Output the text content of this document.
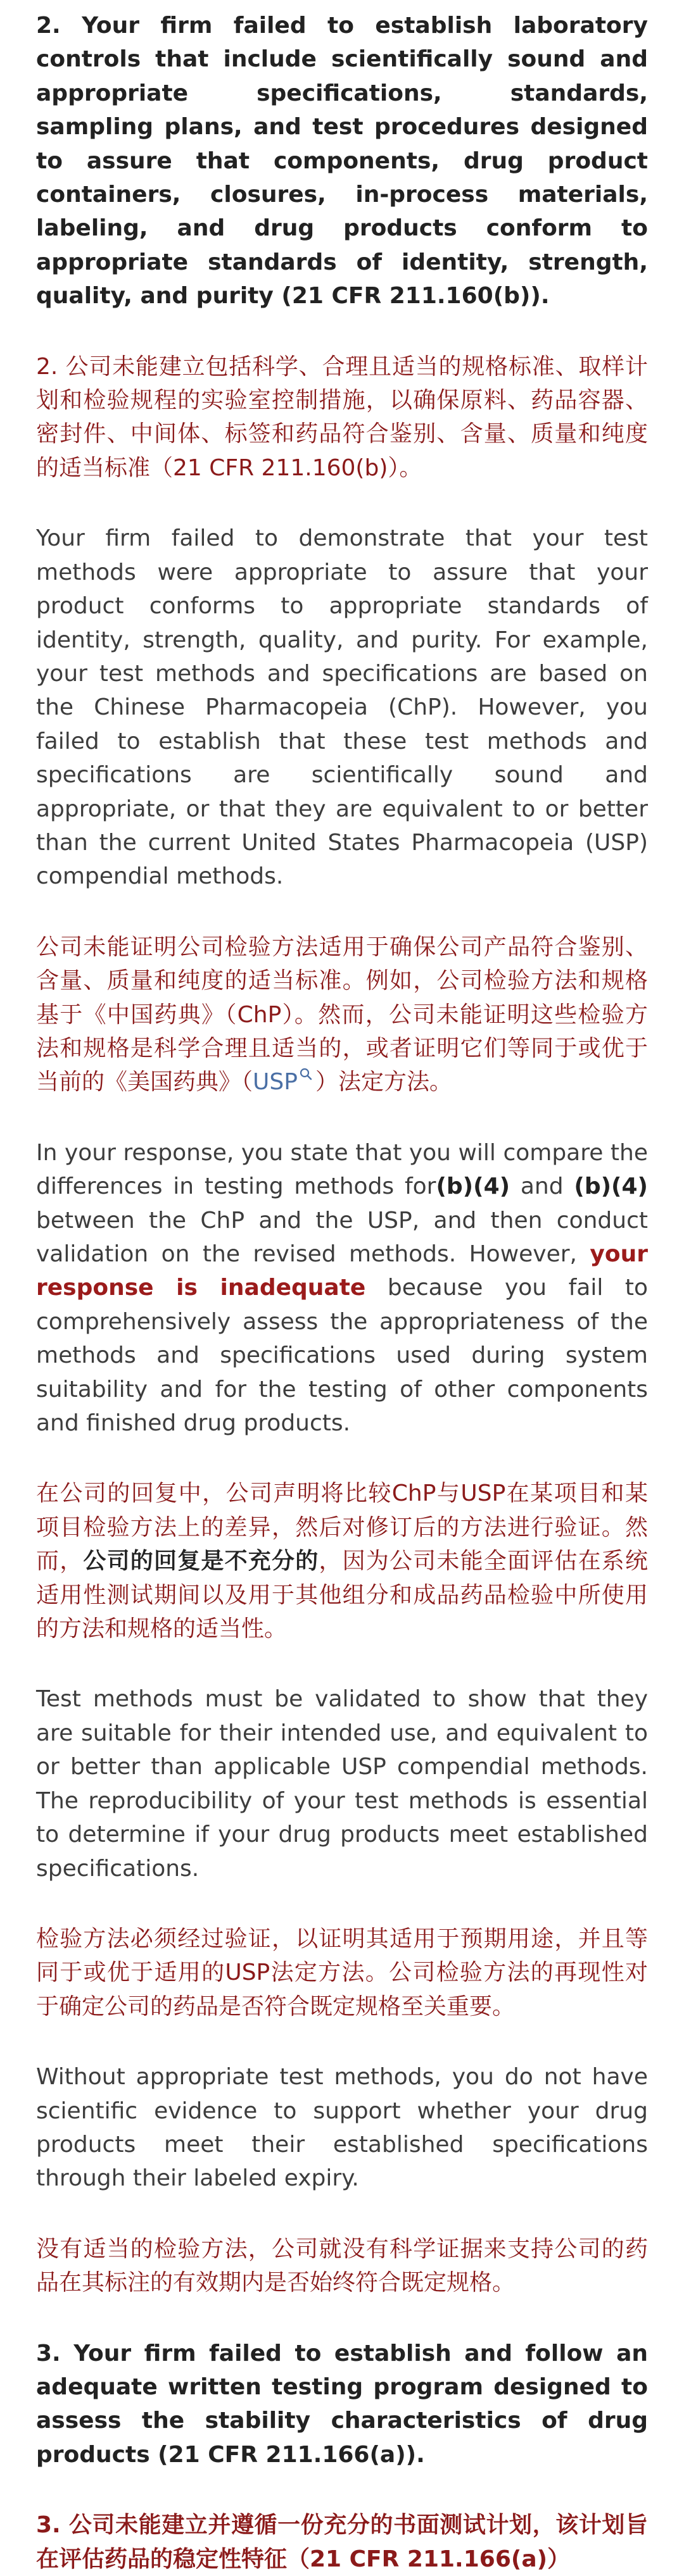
2. Your firm failed to establish laboratory controls that include scientifically sound and appropriate specifications, standards, sampling plans, and test procedures designed to assure that components, drug product containers, closures, in-process materials, labeling, and drug products conform to appropriate standards of identity, strength, quality, and purity (21 CFR 211.160(b)).

2. 公司未能建立包括科学、合理且适当的规格标准、取样计划和检验规程的实验室控制措施，以确保原料、药品容器、密封件、中间体、标签和药品符合鉴别、含量、质量和纯度的适当标准（21 CFR 211.160(b)）。

Your firm failed to demonstrate that your test methods were appropriate to assure that your product conforms to appropriate standards of identity, strength, quality, and purity. For example, your test methods and specifications are based on the Chinese Pharmacopeia (ChP). However, you failed to establish that these test methods and specifications are scientifically sound and appropriate, or that they are equivalent to or better than the current United States Pharmacopeia (USP) compendial methods.

公司未能证明公司检验方法适用于确保公司产品符合鉴别、含量、质量和纯度的适当标准。例如，公司检验方法和规格基于《中国药典》（ChP）。然而，公司未能证明这些检验方法和规格是科学合理且适当的，或者证明它们等同于或优于当前的《美国药典》（USP ）法定方法。

In your response, you state that you will compare the differences in testing methods for(b)(4) and (b)(4) between the ChP and the USP, and then conduct validation on the revised methods. However, your response is inadequate because you fail to comprehensively assess the appropriateness of the methods and specifications used during system suitability and for the testing of other components and finished drug products.

在公司的回复中，公司声明将比较ChP与USP在某项目和某项目检验方法上的差异，然后对修订后的方法进行验证。然而，公司的回复是不充分的，因为公司未能全面评估在系统适用性测试期间以及用于其他组分和成品药品检验中所使用的方法和规格的适当性。

Test methods must be validated to show that they are suitable for their intended use, and equivalent to or better than applicable USP compendial methods. The reproducibility of your test methods is essential to determine if your drug products meet established specifications.

检验方法必须经过验证，以证明其适用于预期用途，并且等同于或优于适用的USP法定方法。公司检验方法的再现性对于确定公司的药品是否符合既定规格至关重要。

Without appropriate test methods, you do not have scientific evidence to support whether your drug products meet their established specifications through their labeled expiry.

没有适当的检验方法，公司就没有科学证据来支持公司的药品在其标注的有效期内是否始终符合既定规格。

3. Your firm failed to establish and follow an adequate written testing program designed to assess the stability characteristics of drug products (21 CFR 211.166(a)).

3. 公司未能建立并遵循一份充分的书面测试计划，该计划旨在评估药品的稳定性特征（21 CFR 211.166(a)）
